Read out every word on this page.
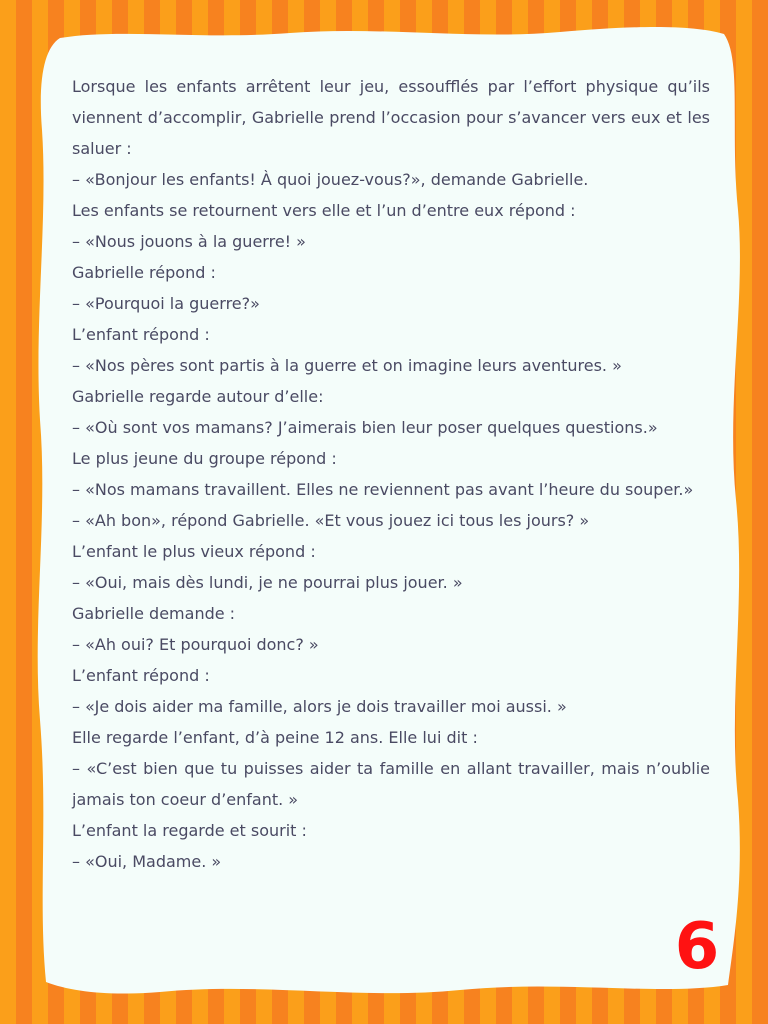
Lorsque les enfants arrêtent leur jeu, essoufflés par l’effort physique qu’ils viennent d’accomplir, Gabrielle prend l’occasion pour s’avancer vers eux et les saluer :
– «Bonjour les enfants! À quoi jouez-vous?», demande Gabrielle.
Les enfants se retournent vers elle et l’un d’entre eux répond :
– «Nous jouons à la guerre! »
Gabrielle répond :
– «Pourquoi la guerre?»
L’enfant répond :
– «Nos pères sont partis à la guerre et on imagine leurs aventures. »
Gabrielle regarde autour d’elle:
– «Où sont vos mamans? J’aimerais bien leur poser quelques questions.»
Le plus jeune du groupe répond :
– «Nos mamans travaillent. Elles ne reviennent pas avant l’heure du souper.»
– «Ah bon», répond Gabrielle. «Et vous jouez ici tous les jours? »
L’enfant le plus vieux répond :
– «Oui, mais dès lundi, je ne pourrai plus jouer. »
Gabrielle demande :
– «Ah oui? Et pourquoi donc? »
L’enfant répond :
– «Je dois aider ma famille, alors je dois travailler moi aussi. »
Elle regarde l’enfant, d’à peine 12 ans. Elle lui dit :
– «C’est bien que tu puisses aider ta famille en allant travailler, mais n’oublie jamais ton coeur d’enfant. »
L’enfant la regarde et sourit :
– «Oui, Madame. »
6
